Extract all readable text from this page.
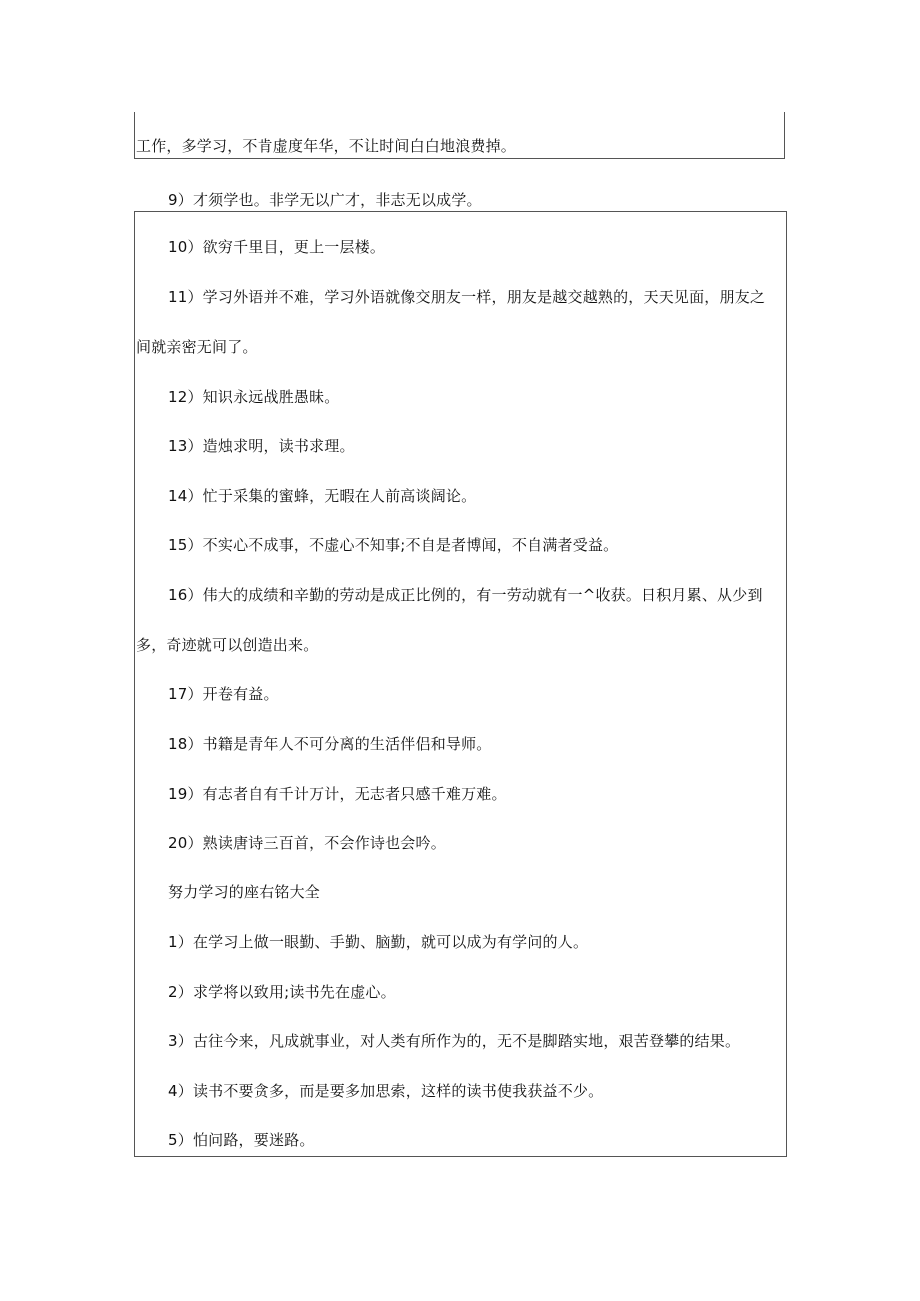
工作，多学习，不肯虚度年华，不让时间白白地浪费掉。
9）才须学也。非学无以广才，非志无以成学。
10）欲穷千里目，更上一层楼。
11）学习外语并不难，学习外语就像交朋友一样，朋友是越交越熟的，天天见面，朋友之
间就亲密无间了。
12）知识永远战胜愚昧。
13）造烛求明，读书求理。
14）忙于采集的蜜蜂，无暇在人前高谈阔论。
15）不实心不成事，不虚心不知事;不自是者博闻，不自满者受益。
16）伟大的成绩和辛勤的劳动是成正比例的，有一劳动就有一^收获。日积月累、从少到
多，奇迹就可以创造出来。
17）开卷有益。
18）书籍是青年人不可分离的生活伴侣和导师。
19）有志者自有千计万计，无志者只感千难万难。
20）熟读唐诗三百首，不会作诗也会吟。
努力学习的座右铭大全
1）在学习上做一眼勤、手勤、脑勤，就可以成为有学问的人。
2）求学将以致用;读书先在虚心。
3）古往今来，凡成就事业，对人类有所作为的，无不是脚踏实地，艰苦登攀的结果。
4）读书不要贪多，而是要多加思索，这样的读书使我获益不少。
5）怕问路，要迷路。
